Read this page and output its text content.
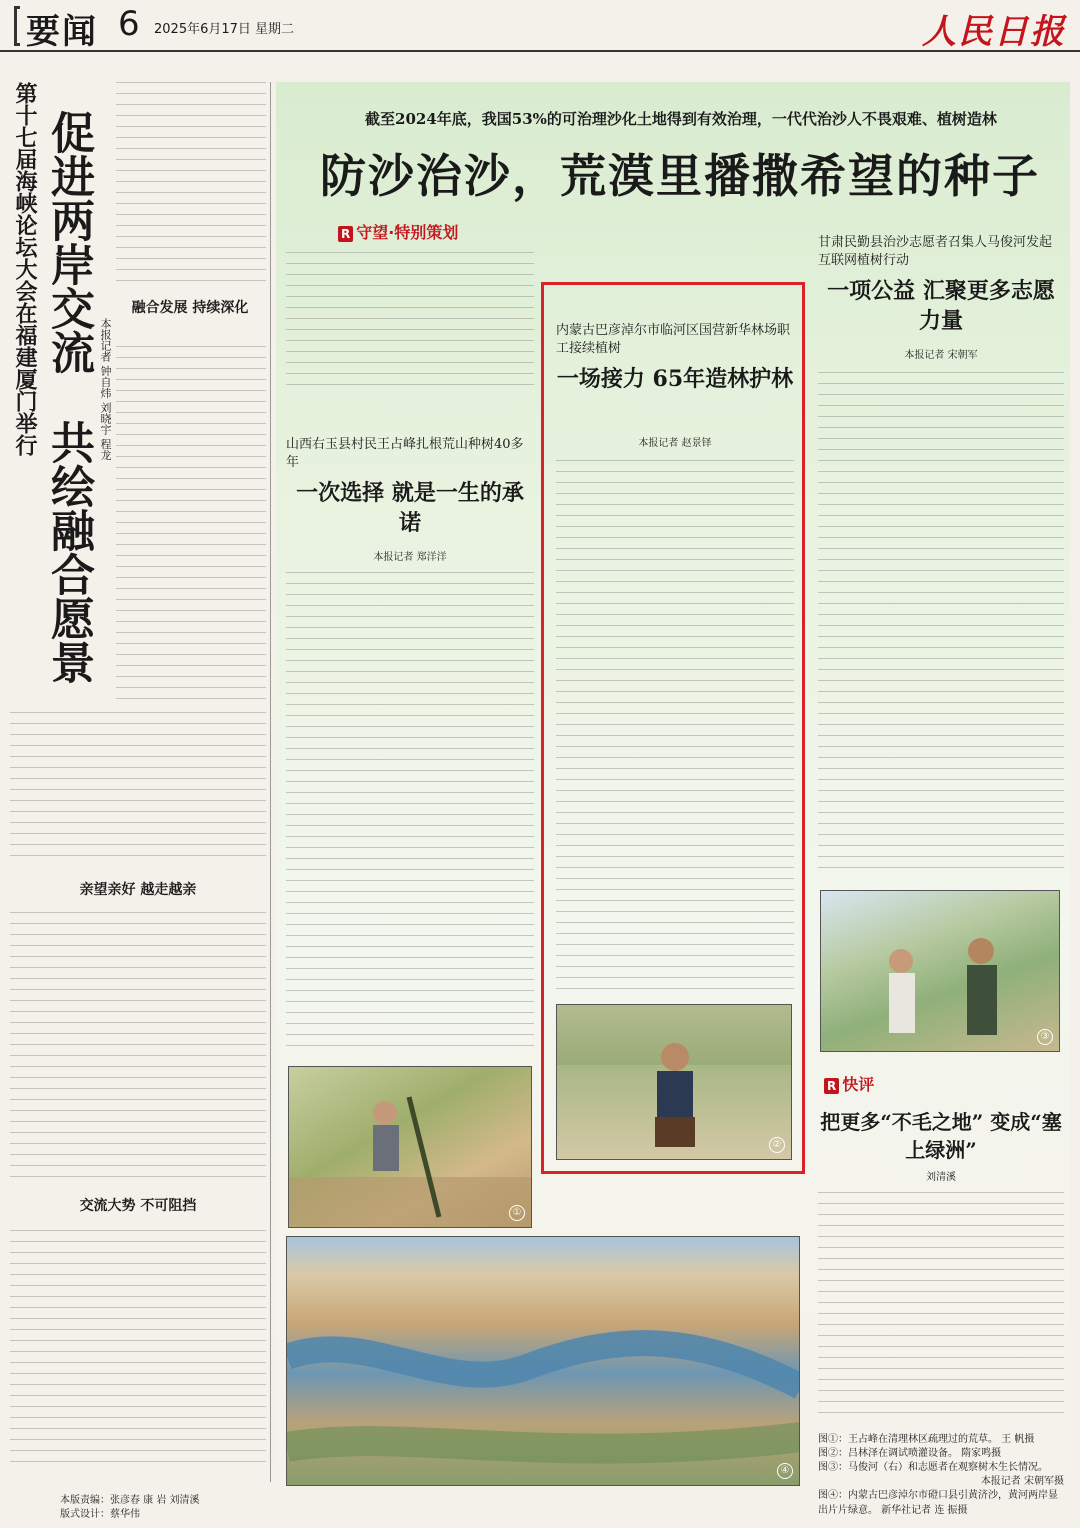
要闻 6 2025年6月17日 星期二	人民日报
第十七届海峡论坛大会在福建厦门举行 促进两岸交流
共绘融合愿景
本报记者 钟自炜 刘晓宇 程龙
融合发展 持续深化
亲望亲好 越走越亲
交流大势 不可阻挡
本版责编：张彦春 康 岩 刘清溪
版式设计：蔡华伟
截至2024年底，我国53%的可治理沙化土地得到有效治理，一代代治沙人不畏艰难、植树造林
防沙治沙，荒漠里播撒希望的种子
R 守望·特别策划
山西右玉县村民王占峰扎根荒山种树40多年
一次选择 就是一生的承诺
本报记者 郑洋洋
①
内蒙古巴彦淖尔市临河区国营新华林场职工接续植树
一场接力 65年造林护林
本报记者 赵景铎
②
甘肃民勤县治沙志愿者召集人马俊河发起互联网植树行动
一项公益 汇聚更多志愿力量
本报记者 宋朝军
③
R 快评
把更多“不毛之地” 变成“塞上绿洲”
刘清溪
④
图①：王占峰在清理林区疏理过的荒草。 王 帆摄
图②：吕林泽在调试喷灌设备。 隋家鸣摄
图③：马俊河（右）和志愿者在观察树木生长情况。
本报记者 宋朝军摄
图④：内蒙古巴彦淖尔市磴口县引黄济沙，黄河两岸显出片片绿意。 新华社记者 连 振摄
